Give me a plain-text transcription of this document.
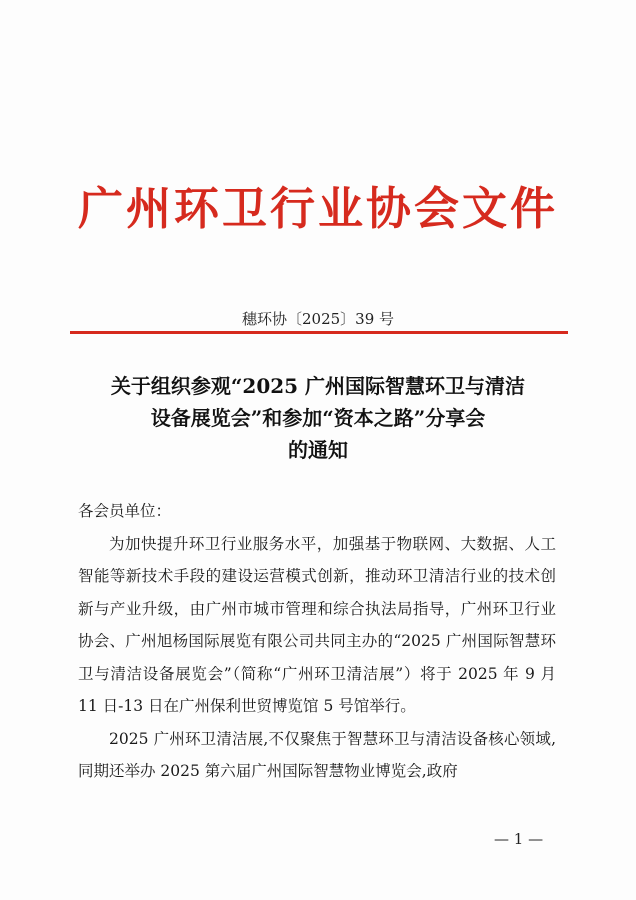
广州环卫行业协会文件
穗环协〔2025〕39 号
关于组织参观“2025 广州国际智慧环卫与清洁
设备展览会”和参加“资本之路”分享会
的通知

各会员单位：

为加快提升环卫行业服务水平，加强基于物联网、大数据、人工智能等新技术手段的建设运营模式创新，推动环卫清洁行业的技术创新与产业升级，由广州市城市管理和综合执法局指导，广州环卫行业协会、广州旭杨国际展览有限公司共同主办的“2025 广州国际智慧环卫与清洁设备展览会”（简称“广州环卫清洁展”）将于 2025 年 9 月 11 日-13 日在广州保利世贸博览馆 5 号馆举行。

2025 广州环卫清洁展,不仅聚焦于智慧环卫与清洁设备核心领域,同期还举办 2025 第六届广州国际智慧物业博览会,政府

— 1 —
